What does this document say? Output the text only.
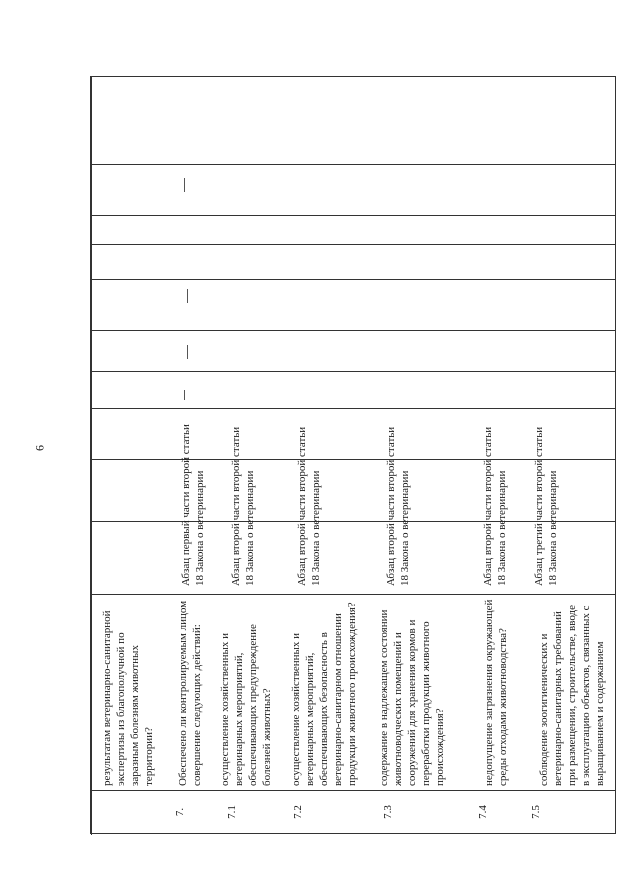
6
результатам ветеринарно-санитарной экспертизы из благополучной по заразным болезням животных территории?
7.
Обеспечено ли контролируемым лицом совершение следующих действий:
Абзац первый части второй статьи 18 Закона о ветеринарии
7.1
осуществление хозяйственных и ветеринарных мероприятий, обеспечивающих предупреждение болезней животных?
Абзац второй части второй статьи 18 Закона о ветеринарии
7.2
осуществление хозяйственных и ветеринарных мероприятий, обеспечивающих безопасность в ветеринарно-санитарном отношении продукции животного происхождения?
Абзац второй части второй статьи 18 Закона о ветеринарии
7.3
содержание в надлежащем состоянии животноводческих помещений и сооружений для хранения кормов и переработки продукции животного происхождения?
Абзац второй части второй статьи 18 Закона о ветеринарии
7.4
недопущение загрязнения окружающей среды отходами животноводства?
Абзац второй части второй статьи 18 Закона о ветеринарии
7.5
соблюдение зоогигиенических и ветеринарно-санитарных требований при размещении, строительстве, вводе в эксплуатацию объектов, связанных с выращиванием и содержанием
Абзац третий части второй статьи 18 Закона о ветеринарии
